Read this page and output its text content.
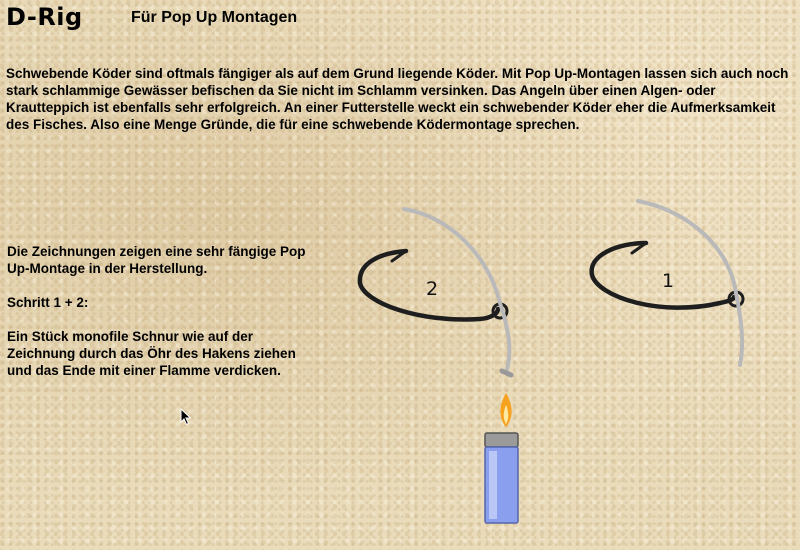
D-Rig	Für Pop Up Montagen
Schwebende Köder sind oftmals fängiger als auf dem Grund liegende Köder. Mit Pop Up-Montagen lassen sich auch noch stark schlammige Gewässer befischen da Sie nicht im Schlamm versinken. Das Angeln über einen Algen- oder Krautteppich ist ebenfalls sehr erfolgreich. An einer Futterstelle weckt ein schwebender Köder eher die Aufmerksamkeit des Fisches. Also eine Menge Gründe, die für eine schwebende Ködermontage sprechen.

Die Zeichnungen zeigen eine sehr fängige Pop Up-Montage in der Herstellung.

Schritt 1 + 2:

Ein Stück monofile Schnur wie auf der Zeichnung durch das Öhr des Hakens ziehen und das Ende mit einer Flamme verdicken.

2	1
